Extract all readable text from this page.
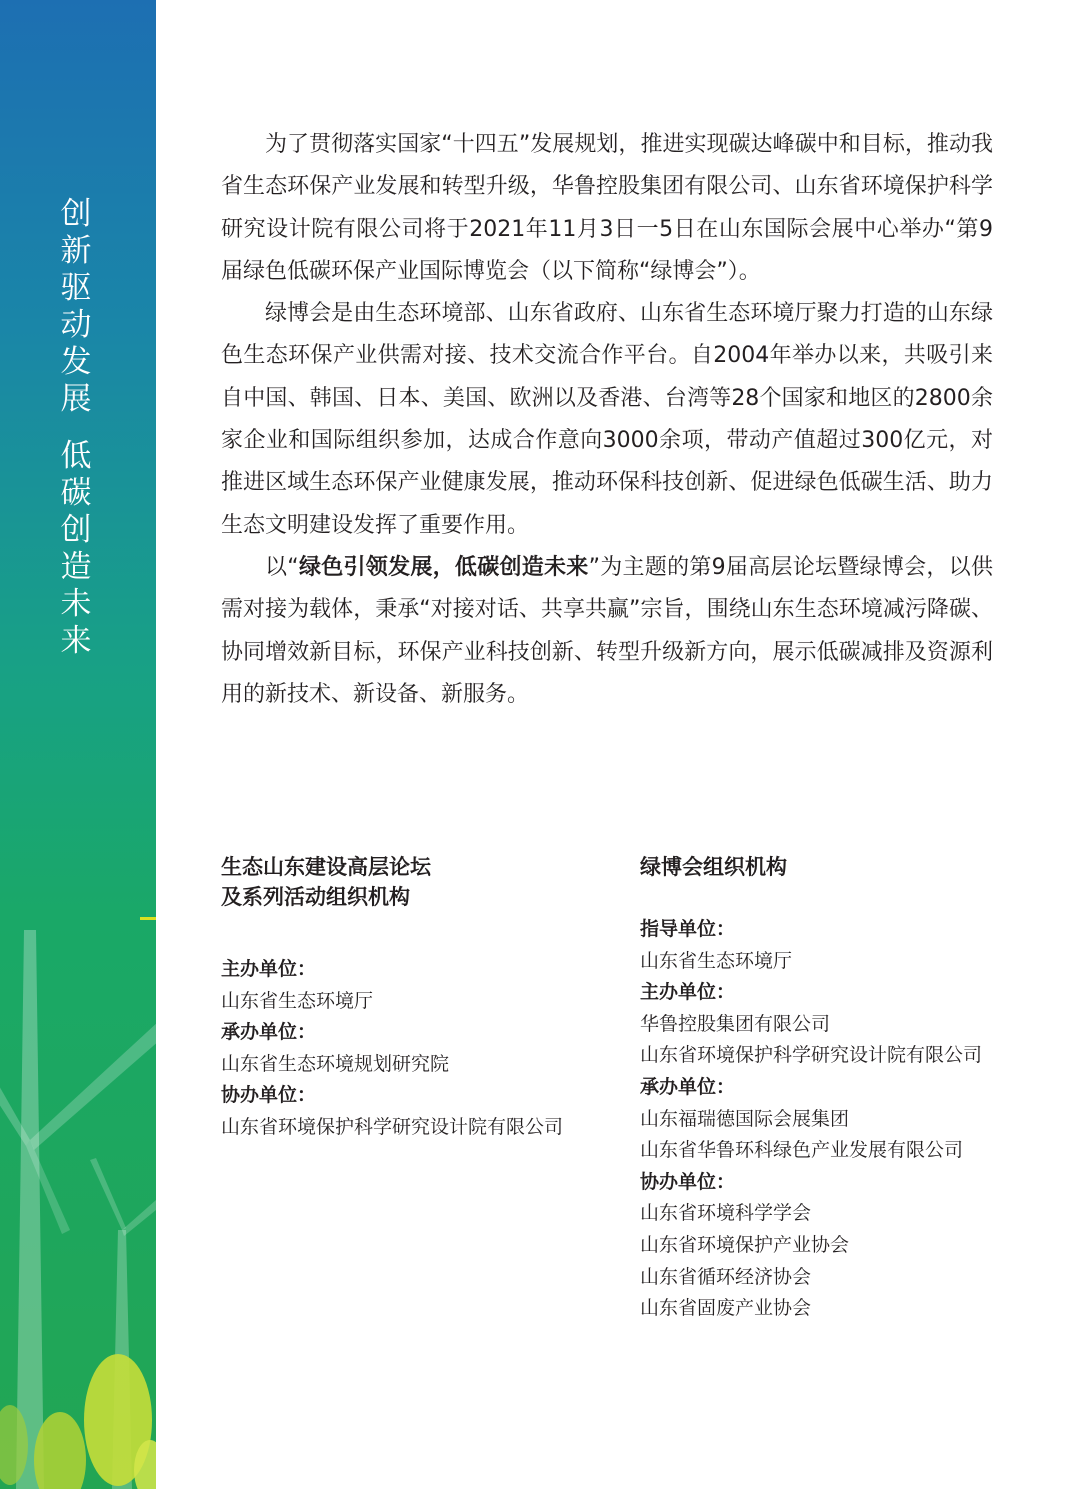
创
新
驱
动
发
展
低
碳
创
造
未
来

为了贯彻落实国家“十四五”发展规划，推进实现碳达峰碳中和目标，推动我省生态环保产业发展和转型升级，华鲁控股集团有限公司、山东省环境保护科学研究设计院有限公司将于2021年11月3日一5日在山东国际会展中心举办“第9届绿色低碳环保产业国际博览会（以下简称“绿博会”）。

绿博会是由生态环境部、山东省政府、山东省生态环境厅聚力打造的山东绿色生态环保产业供需对接、技术交流合作平台。自2004年举办以来，共吸引来自中国、韩国、日本、美国、欧洲以及香港、台湾等28个国家和地区的2800余家企业和国际组织参加，达成合作意向3000余项，带动产值超过300亿元，对推进区域生态环保产业健康发展，推动环保科技创新、促进绿色低碳生活、助力生态文明建设发挥了重要作用。

以“绿色引领发展，低碳创造未来”为主题的第9届高层论坛暨绿博会，以供需对接为载体，秉承“对接对话、共享共赢”宗旨，围绕山东生态环境减污降碳、协同增效新目标，环保产业科技创新、转型升级新方向，展示低碳减排及资源利用的新技术、新设备、新服务。

生态山东建设高层论坛
及系列活动组织机构
主办单位：
山东省生态环境厅
承办单位：
山东省生态环境规划研究院
协办单位：
山东省环境保护科学研究设计院有限公司
绿博会组织机构
指导单位：
山东省生态环境厅
主办单位：
华鲁控股集团有限公司
山东省环境保护科学研究设计院有限公司
承办单位：
山东福瑞德国际会展集团
山东省华鲁环科绿色产业发展有限公司
协办单位：
山东省环境科学学会
山东省环境保护产业协会
山东省循环经济协会
山东省固废产业协会
